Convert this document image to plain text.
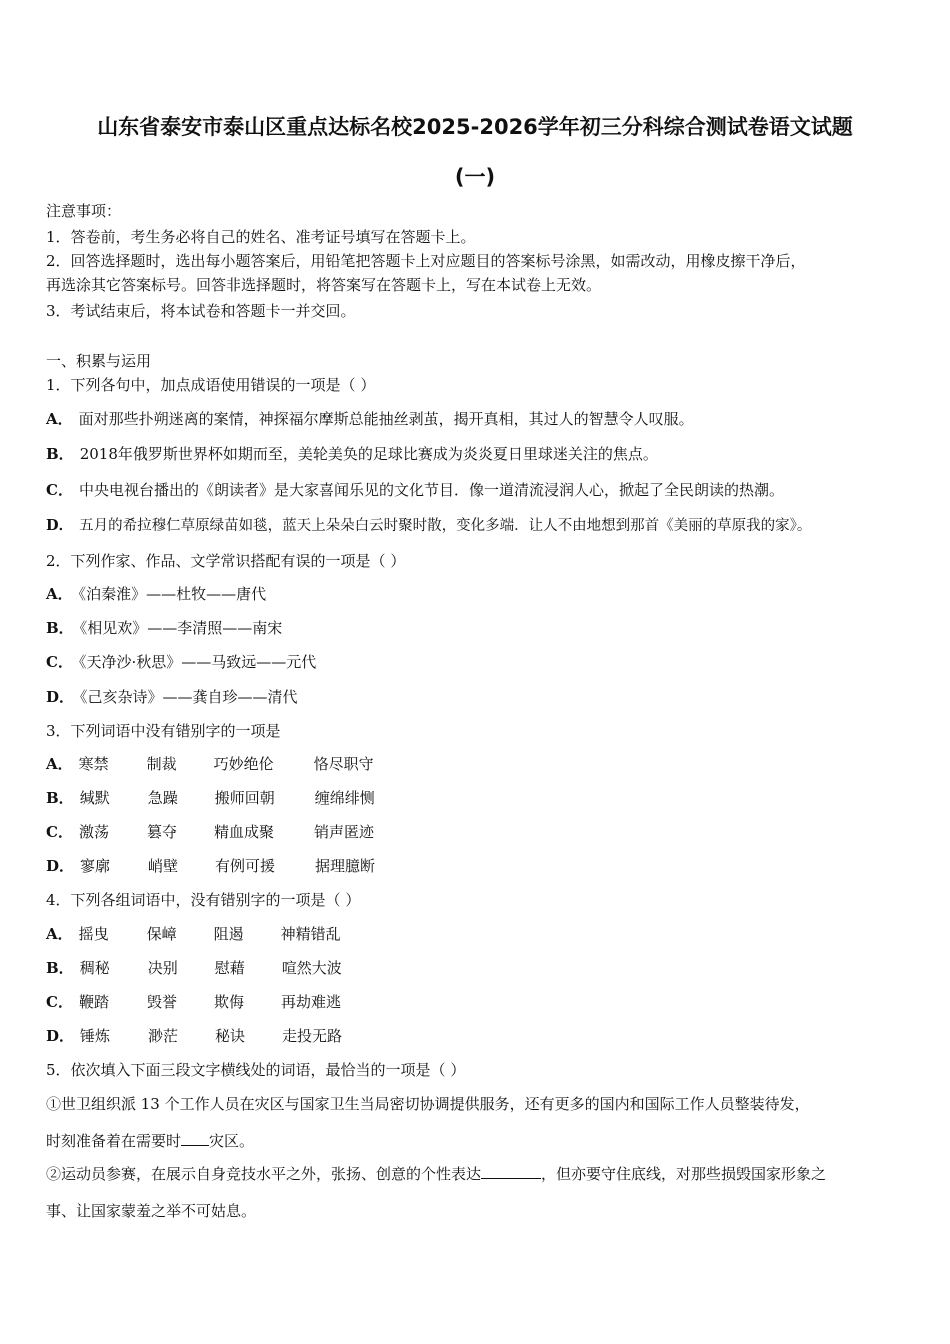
山东省泰安市泰山区重点达标名校2025-2026学年初三分科综合测试卷语文试题
(一)
注意事项：
1．答卷前，考生务必将自己的姓名、准考证号填写在答题卡上。
2．回答选择题时，选出每小题答案后，用铅笔把答题卡上对应题目的答案标号涂黑，如需改动，用橡皮擦干净后，
再选涂其它答案标号。回答非选择题时，将答案写在答题卡上，写在本试卷上无效。
3．考试结束后，将本试卷和答题卡一并交回。
一、积累与运用
1．下列各句中，加点成语使用错误的一项是（ ）
A． 面对那些扑朔迷离的案情，神探福尔摩斯总能抽丝剥茧，揭开真相，其过人的智慧令人叹服。
B． 2018年俄罗斯世界杯如期而至，美轮美奂的足球比赛成为炎炎夏日里球迷关注的焦点。
C． 中央电视台播出的《朗读者》是大家喜闻乐见的文化节目．像一道清流浸润人心，掀起了全民朗读的热潮。
D． 五月的希拉穆仁草原绿苗如毯，蓝天上朵朵白云时聚时散，变化多端．让人不由地想到那首《美丽的草原我的家》。
2．下列作家、作品、文学常识搭配有误的一项是（ ）
A． 《泊秦淮》——杜牧——唐代
B． 《相见欢》——李清照——南宋
C． 《天净沙·秋思》——马致远——元代
D． 《己亥杂诗》——龚自珍——清代
3．下列词语中没有错别字的一项是
A． 寒禁	制裁 巧妙绝伦	恪尽职守
B． 缄默	急躁 搬师回朝	缠绵绯恻
C． 激荡	篡夺 精血成聚	销声匿迹
D． 寥廓	峭壁 有例可援	据理臆断
4．下列各组词语中，没有错别字的一项是（ ）
A． 摇曳	保嶂 阻遏 神精错乱
B． 稠秘	决别 慰藉 喧然大波
C． 鞭踏	毁誉 欺侮 再劫难逃
D． 锤炼	渺茫 秘诀 走投无路
5．依次填入下面三段文字横线处的词语，最恰当的一项是（ ）
①世卫组织派 13 个工作人员在灾区与国家卫生当局密切协调提供服务，还有更多的国内和国际工作人员整装待发，
时刻准备着在需要时 灾区。
②运动员参赛，在展示自身竞技水平之外，张扬、创意的个性表达	，但亦要守住底线，对那些损毁国家形象之
事、让国家蒙羞之举不可姑息。
